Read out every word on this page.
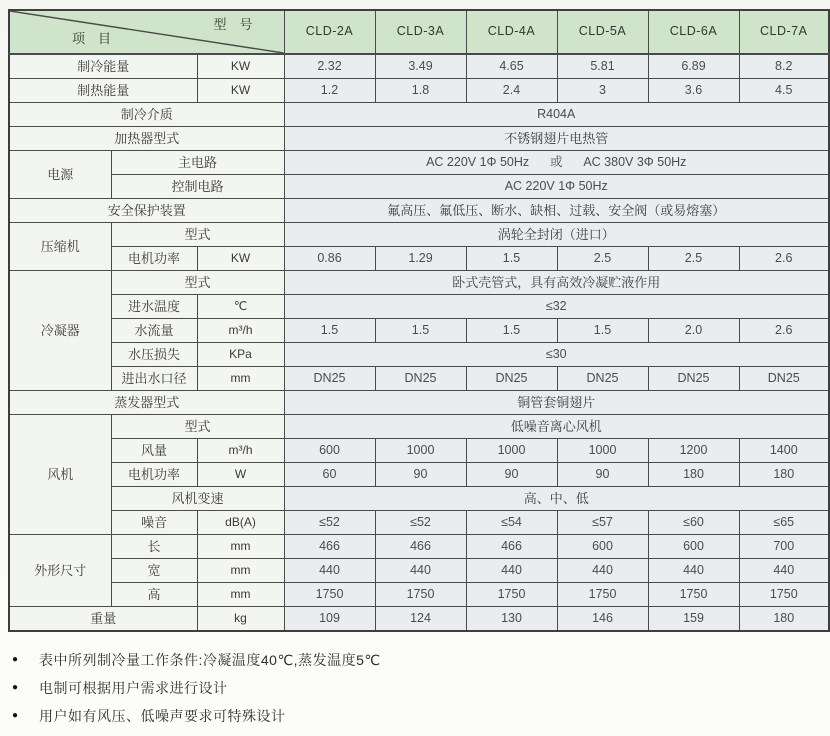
型号
项目			CLD-2A	CLD-3A	CLD-4A	CLD-5A	CLD-6A	CLD-7A
制冷能量		KW	2.32	3.49	4.65	5.81	6.89	8.2
制热能量		KW	1.2	1.8	2.4	3	3.6	4.5
制冷介质			R404A					
加热器型式			不锈钢翅片电热管					
电源	主电路		AC 220V 1Φ 50Hz      或      AC 380V 3Φ 50Hz					
	控制电路		AC 220V 1Φ 50Hz					
安全保护装置			氟高压、氟低压、断水、缺相、过载、安全阀（或易熔塞）					
压缩机	型式		涡轮全封闭（进口）					
	电机功率	KW	0.86	1.29	1.5	2.5	2.5	2.6
冷凝器	型式		卧式壳管式，具有高效冷凝贮液作用					
	进水温度	℃	≤32					
	水流量	m³/h	1.5	1.5	1.5	1.5	2.0	2.6
	水压损失	KPa	≤30					
	进出水口径	mm	DN25	DN25	DN25	DN25	DN25	DN25
蒸发器型式			铜管套铜翅片					
风机	型式		低噪音离心风机					
	风量	m³/h	600	1000	1000	1000	1200	1400
	电机功率	W	60	90	90	90	180	180
	风机变速		高、中、低					
	噪音	dB(A)	≤52	≤52	≤54	≤57	≤60	≤65
外形尺寸	长	mm	466	466	466	600	600	700
	宽	mm	440	440	440	440	440	440
	高	mm	1750	1750	1750	1750	1750	1750
重量		kg	109	124	130	146	159	180
●	表中所列制冷量工作条件:冷凝温度40℃,蒸发温度5℃
●	电制可根据用户需求进行设计
●	用户如有风压、低噪声要求可特殊设计
